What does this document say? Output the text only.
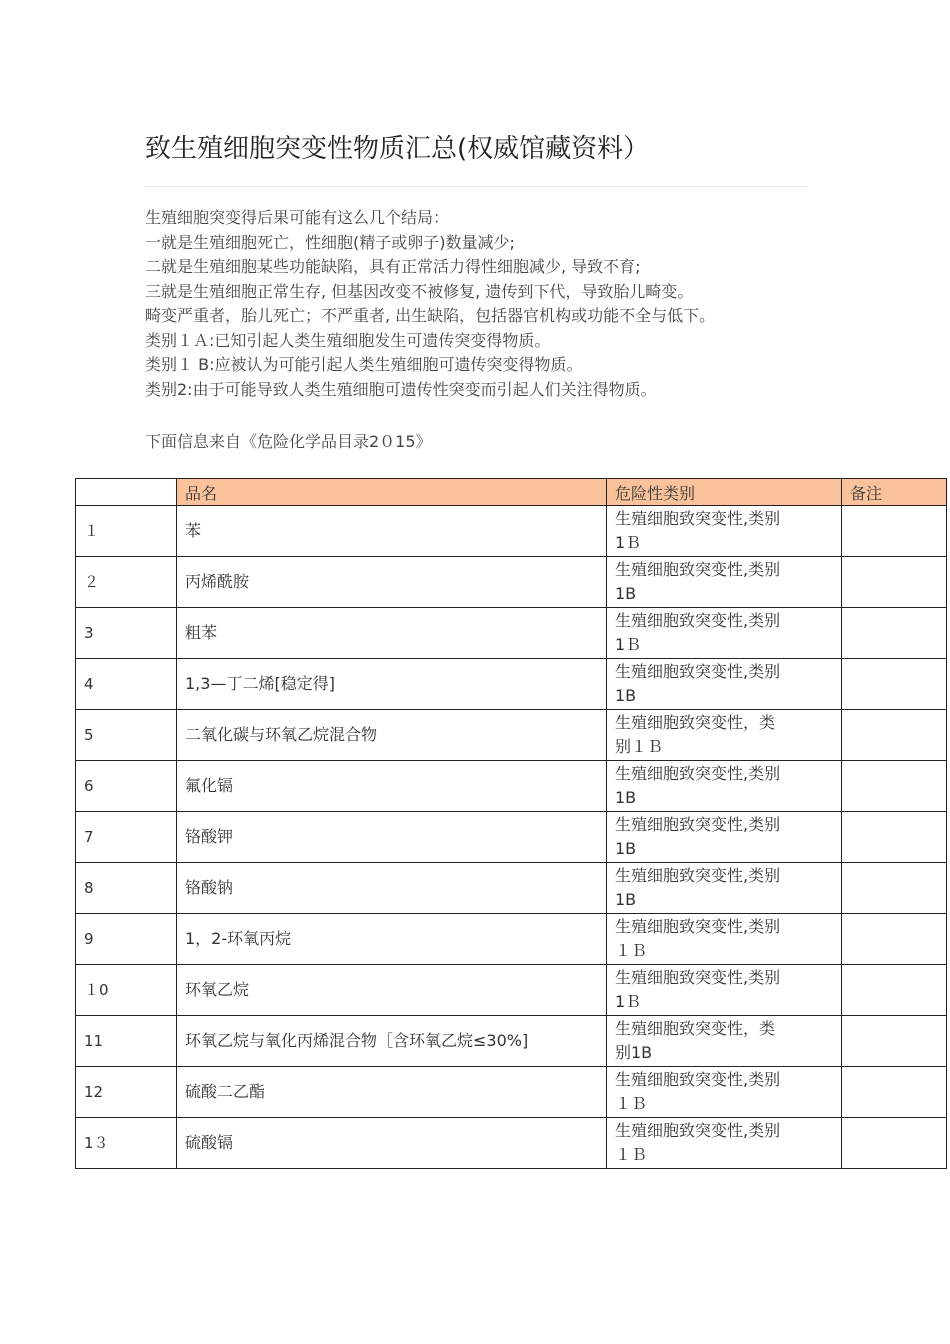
致生殖细胞突变性物质汇总(权威馆藏资料）
生殖细胞突变得后果可能有这么几个结局：
一就是生殖细胞死亡，性细胞(精子或卵子)数量减少;
二就是生殖细胞某些功能缺陷，具有正常活力得性细胞减少, 导致不育;
三就是生殖细胞正常生存, 但基因改变不被修复, 遗传到下代，导致胎儿畸变。
畸变严重者，胎儿死亡；不严重者, 出生缺陷，包括器官机构或功能不全与低下。
类别１Ａ:已知引起人类生殖细胞发生可遗传突变得物质。
类别１ B:应被认为可能引起人类生殖细胞可遗传突变得物质。
类别2:由于可能导致人类生殖细胞可遗传性突变而引起人们关注得物质。
下面信息来自《危险化学品目录2０15》
	品名	危险性类别	备注
１	苯	生殖细胞致突变性,类别
1Ｂ	

２	丙烯酰胺	生殖细胞致突变性,类别
1B	

3	粗苯	生殖细胞致突变性,类别
1Ｂ	

4	1,3—丁二烯[稳定得]	生殖细胞致突变性,类别
1B	

5	二氧化碳与环氧乙烷混合物	生殖细胞致突变性，类
别１Ｂ	

6	氟化镉	生殖细胞致突变性,类别
1B	

7	铬酸钾	生殖细胞致突变性,类别
1B	

8	铬酸钠	生殖细胞致突变性,类别
1B	

9	1，2-环氧丙烷	生殖细胞致突变性,类别
１Ｂ	

１0	环氧乙烷	生殖细胞致突变性,类别
1Ｂ	

11	环氧乙烷与氧化丙烯混合物［含环氧乙烷≤30%]	生殖细胞致突变性，类
别1B	

12	硫酸二乙酯	生殖细胞致突变性,类别
１Ｂ	

1３	硫酸镉	生殖细胞致突变性,类别
１Ｂ	
